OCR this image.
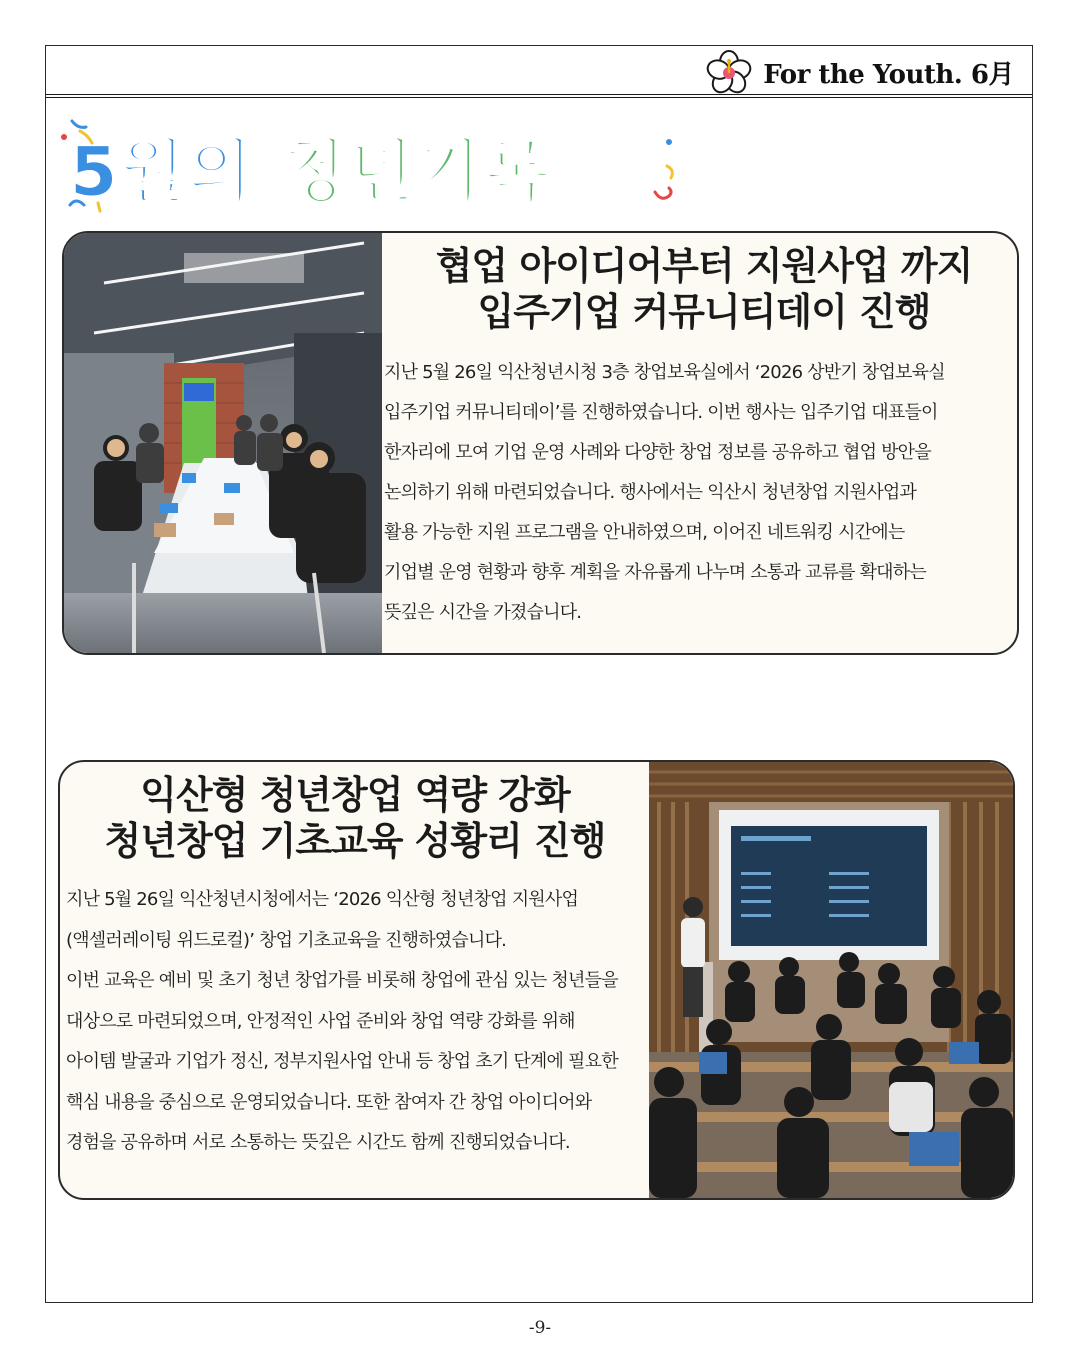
For the Youth. 6月
5월의 청년기록
협업 아이디어부터 지원사업 까지
입주기업 커뮤니티데이 진행
지난 5월 26일 익산청년시청 3층 창업보육실에서 ‘2026 상반기 창업보육실
입주기업 커뮤니티데이’를 진행하였습니다. 이번 행사는 입주기업 대표들이
한자리에 모여 기업 운영 사례와 다양한 창업 정보를 공유하고 협업 방안을
논의하기 위해 마련되었습니다. 행사에서는 익산시 청년창업 지원사업과
활용 가능한 지원 프로그램을 안내하였으며, 이어진 네트워킹 시간에는
기업별 운영 현황과 향후 계획을 자유롭게 나누며 소통과 교류를 확대하는
뜻깊은 시간을 가졌습니다.
익산형 청년창업 역량 강화
청년창업 기초교육 성황리 진행
지난 5월 26일 익산청년시청에서는 ‘2026 익산형 청년창업 지원사업
(액셀러레이팅 위드로컬)’ 창업 기초교육을 진행하였습니다.
이번 교육은 예비 및 초기 청년 창업가를 비롯해 창업에 관심 있는 청년들을
대상으로 마련되었으며, 안정적인 사업 준비와 창업 역량 강화를 위해
아이템 발굴과 기업가 정신, 정부지원사업 안내 등 창업 초기 단계에 필요한
핵심 내용을 중심으로 운영되었습니다. 또한 참여자 간 창업 아이디어와
경험을 공유하며 서로 소통하는 뜻깊은 시간도 함께 진행되었습니다.
-9-
